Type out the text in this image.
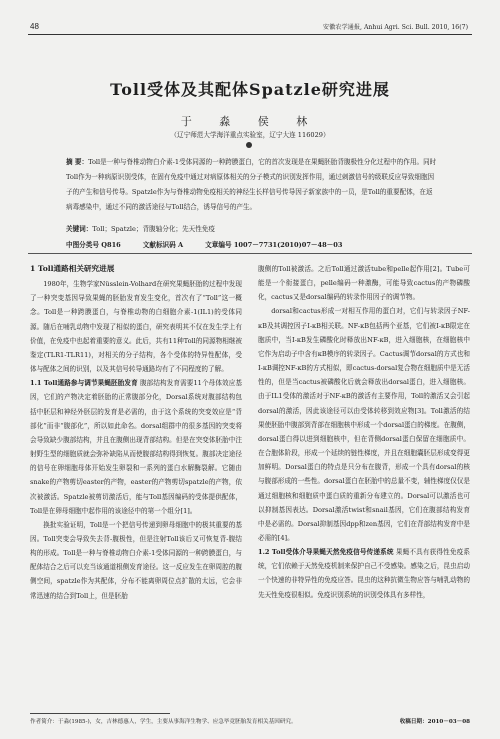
48	安徽农学通报, Anhui Agri. Sci. Bull. 2010, 16(7)
Toll受体及其配体Spatzle研究进展
于 淼 侯 林
（辽宁师范大学海洋重点实验室，辽宁大连 116029）
摘 要：Toll是一种与脊椎动物白介素-1受体同源的一种跨膜蛋白，它的首次发现是在果蝇胚胎背腹极性分化过程中的作用。同时Toll作为一种病原识别受体，在固有免疫中通过对病原体相关的分子模式的识别发挥作用，通过刺激信号的级联反应导致细胞因子的产生和信号传导。Spatzle作为与脊椎动物免疫相关的神经生长样信号传导因子新家族中的一员，是Toll的重要配体，在返病毒感染中，通过不同的激活途径与Toll结合，诱导信号的产生。
关键词：Toll；Spatzle；背腹轴分化；先天性免疫
中图分类号 Q816	文献标识码 A	文章编号 1007－7731(2010)07－48－03
1 Toll通路相关研究进展

1980年，生物学家Nüsslein-Volhard在研究果蝇胚胎的过程中发现了一种突变基因导致果蝇的胚胎发育发生变化，首次有了“Toll”这一概念。Toll是一种跨膜蛋白，与脊椎动物的白细胞介素-1(IL1)的受体同源。随后在哺乳动物中发现了相似的蛋白，研究表明其不仅在发生学上有价值，在免疫中也起着重要的意义。此后，共有11种Toll的同源物相继被鉴定(TLR1-TLR11)，对相关的分子结构，各个受体的特异性配体，受体与配体之间的识别，以及其信号转导通路均有了不同程度的了解。

1.1 Toll通路参与调节果蝇胚胎发育 腹部结构发育需要11个母体效应基因，它们的产物决定着胚胎的正常腹部分化，Dorsal系统对腹部结构包括中胚层和神经外胚层的发育是必需的，由于这个系统的突变效应是“背部化”而非“腹部化”，所以如此命名。dorsal组群中的很多基因的突变将会导致缺少腹部结构，并且在腹侧出现背部结构。但是在突变体胚胎中注射野生型的细胞质就会弥补缺陷从而使腹部结构得到恢复。腹部决定途径的信号在卵细胞母体开始发生卵裂和一系列的蛋白水解酶裂解。它随由snake的产物剪切easter的产物，easter的产物剪切spatzle的产物，依次被激活。Spatzle被剪切激活后，能与Toll基因编码的受体提供配体，Toll是在卵母细胞中起作用的该途径中的第一个组分[1]。

换批实验证明，Toll是一个把信号传递到卵母细胞中的极其重要的基因。Toll突变会导致失去背-腹极性，但是注射Toll该后又可恢复背-腹结构的形成。Toll是一种与脊椎动物白介素-1受体同源的一种跨膜蛋白，与配体结合之后可以充当该通道根侧发育途径。这一反应发生在卵周腔的腹侧空间，spatzle作为其配体，分布不能离卵周位点扩散的太远，它会非常迅速的结合到Toll上，但是胚胎

腹侧的Toll被激活。之后Toll通过激活tube和pelle起作用[2]。Tube可能是一个衔接蛋白，pelle编码一种激酶，可能导致cactus的产物磷酸化，cactus又是dorsal编码的转录作用因子的调节物。

dorsal和cactus形成一对相互作用的蛋白对，它们与转录因子NF-κB及其调控因子I-κB相关联。NF-κB包括两个亚基，它们被I-κB限定在胞质中，当I-κB发生磷酸化时释放出NF-κB，进入细胞核，在细胞核中它作为启动子中含有κB模序的转录因子。Cactus调节dorsal的方式也和I-κB调控NF-κB的方式相似，即cactus-dorsal复合物在细胞质中是无活性的，但是当cactus被磷酸化后就会释放出dorsal蛋白，进入细胞核。由于IL1受体的激活对于NF-κB的激活有主要作用，Toll的激活又会引起dorsal的激活，因此该途径可以由受体转移到效应物[3]。Toll激活的结果使胚胎中腹部到背部在细胞核中形成一个dorsal蛋白的梯度。在腹侧，dorsal蛋白得以进到细胞核中，但在背侧dorsal蛋白保留在细胞质中。在合胞体阶段，形成一个延续的链性梯度，并且在细胞囊胚层形成变得更加鲜明。Dorsal蛋白的特点是只分布在腹背，形成一个具有dorsal的核与腹部形成的一些性。dorsal蛋白在胚胎中的总量不变，辅性梯度仅仅是通过细胞核和细胞质中蛋白质的重新分布建立的。Dorsal可以激活也可以抑制基因表达。Dorsal激活twist和snail基因，它们在腹部结构发育中是必需的。Dorsal抑制基因dpp和zen基因，它们在背部结构发育中是必需的[4]。

1.2 Toll受体介导果蝇天然免疫信号传递系统 果蝇不具有获得性免疫系统，它们依赖于天然免疫机制来保护自己不受感染。感染之后，昆虫启动一个快速的非特异性的免疫应答。昆虫的这种抗微生物应答与哺乳动物的先天性免疫很相似。免疫识别系统的识别受体具有多样性，

作者简介：于淼(1985-)，女，吉林德惠人，学生，主要从事海洋生物学、应急毕竟胚胎发育相关基因研究。	收稿日期：2010－03－08
